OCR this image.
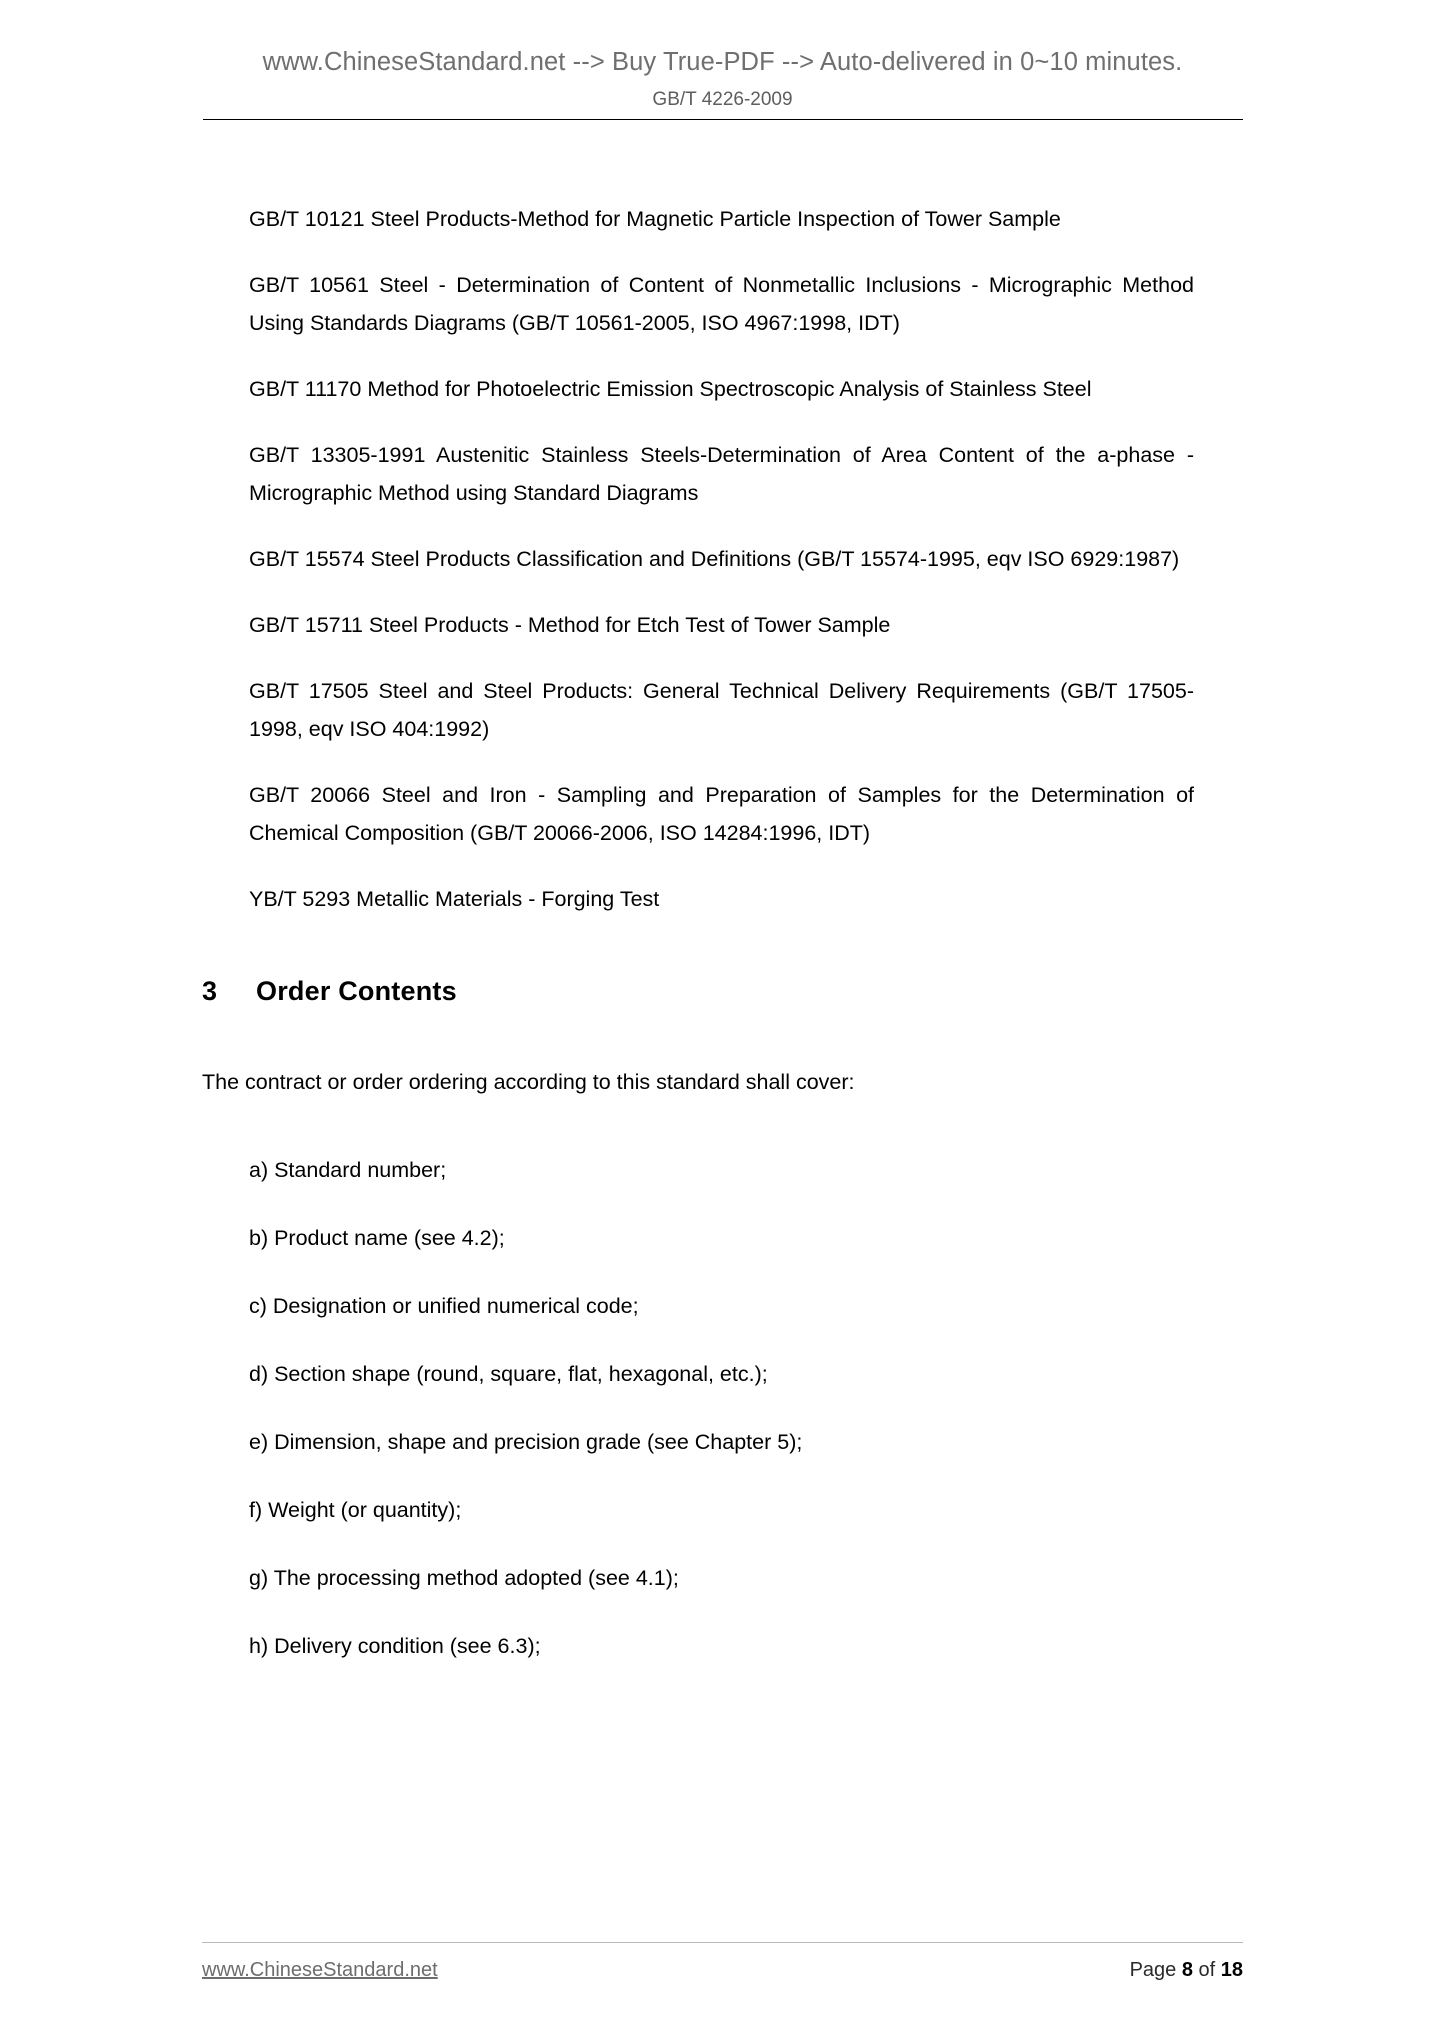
www.ChineseStandard.net --> Buy True-PDF --> Auto-delivered in 0~10 minutes.
GB/T 4226-2009

GB/T 10121 Steel Products-Method for Magnetic Particle Inspection of Tower Sample

GB/T 10561 Steel - Determination of Content of Nonmetallic Inclusions - Micrographic Method Using Standards Diagrams (GB/T 10561-2005, ISO 4967:1998, IDT)

GB/T 11170 Method for Photoelectric Emission Spectroscopic Analysis of Stainless Steel

GB/T 13305-1991 Austenitic Stainless Steels-Determination of Area Content of the a-phase - Micrographic Method using Standard Diagrams

GB/T 15574 Steel Products Classification and Definitions (GB/T 15574-1995, eqv ISO 6929:1987)

GB/T 15711 Steel Products - Method for Etch Test of Tower Sample

GB/T 17505 Steel and Steel Products: General Technical Delivery Requirements (GB/T 17505-1998, eqv ISO 404:1992)

GB/T 20066 Steel and Iron - Sampling and Preparation of Samples for the Determination of Chemical Composition (GB/T 20066-2006, ISO 14284:1996, IDT)

YB/T 5293 Metallic Materials - Forging Test

3	Order Contents

The contract or order ordering according to this standard shall cover:

a) Standard number;
b) Product name (see 4.2);
c) Designation or unified numerical code;
d) Section shape (round, square, flat, hexagonal, etc.);
e) Dimension, shape and precision grade (see Chapter 5);
f) Weight (or quantity);
g) The processing method adopted (see 4.1);
h) Delivery condition (see 6.3);
www.ChineseStandard.net	Page 8 of 18
